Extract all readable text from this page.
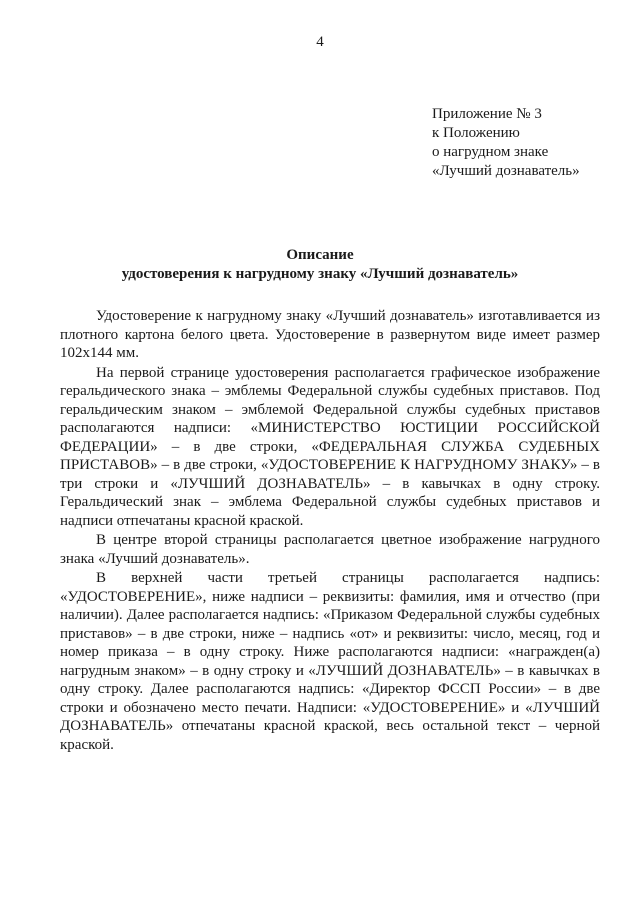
4
Приложение № 3
к Положению
о нагрудном знаке
«Лучший дознаватель»
Описание
удостоверения к нагрудному знаку «Лучший дознаватель»

Удостоверение к нагрудному знаку «Лучший дознаватель» изготавливается из плотного картона белого цвета. Удостоверение в развернутом виде имеет размер 102х144 мм.

На первой странице удостоверения располагается графическое изображение геральдического знака – эмблемы Федеральной службы судебных приставов. Под геральдическим знаком – эмблемой Федеральной службы судебных приставов располагаются надписи: «МИНИСТЕРСТВО ЮСТИЦИИ РОССИЙСКОЙ ФЕДЕРАЦИИ» – в две строки, «ФЕДЕРАЛЬНАЯ СЛУЖБА СУДЕБНЫХ ПРИСТАВОВ» – в две строки, «УДОСТОВЕРЕНИЕ К НАГРУДНОМУ ЗНАКУ» – в три строки и «ЛУЧШИЙ ДОЗНАВАТЕЛЬ» – в кавычках в одну строку. Геральдический знак – эмблема Федеральной службы судебных приставов и надписи отпечатаны красной краской.

В центре второй страницы располагается цветное изображение нагрудного знака «Лучший дознаватель».

В верхней части третьей страницы располагается надпись: «УДОСТОВЕРЕНИЕ», ниже надписи – реквизиты: фамилия, имя и отчество (при наличии). Далее располагается надпись: «Приказом Федеральной службы судебных приставов» – в две строки, ниже – надпись «от» и реквизиты: число, месяц, год и номер приказа – в одну строку. Ниже располагаются надписи: «награжден(а) нагрудным знаком» – в одну строку и «ЛУЧШИЙ ДОЗНАВАТЕЛЬ» – в кавычках в одну строку. Далее располагаются надпись: «Директор ФССП России» – в две строки и обозначено место печати. Надписи: «УДОСТОВЕРЕНИЕ» и «ЛУЧШИЙ ДОЗНАВАТЕЛЬ» отпечатаны красной краской, весь остальной текст – черной краской.
